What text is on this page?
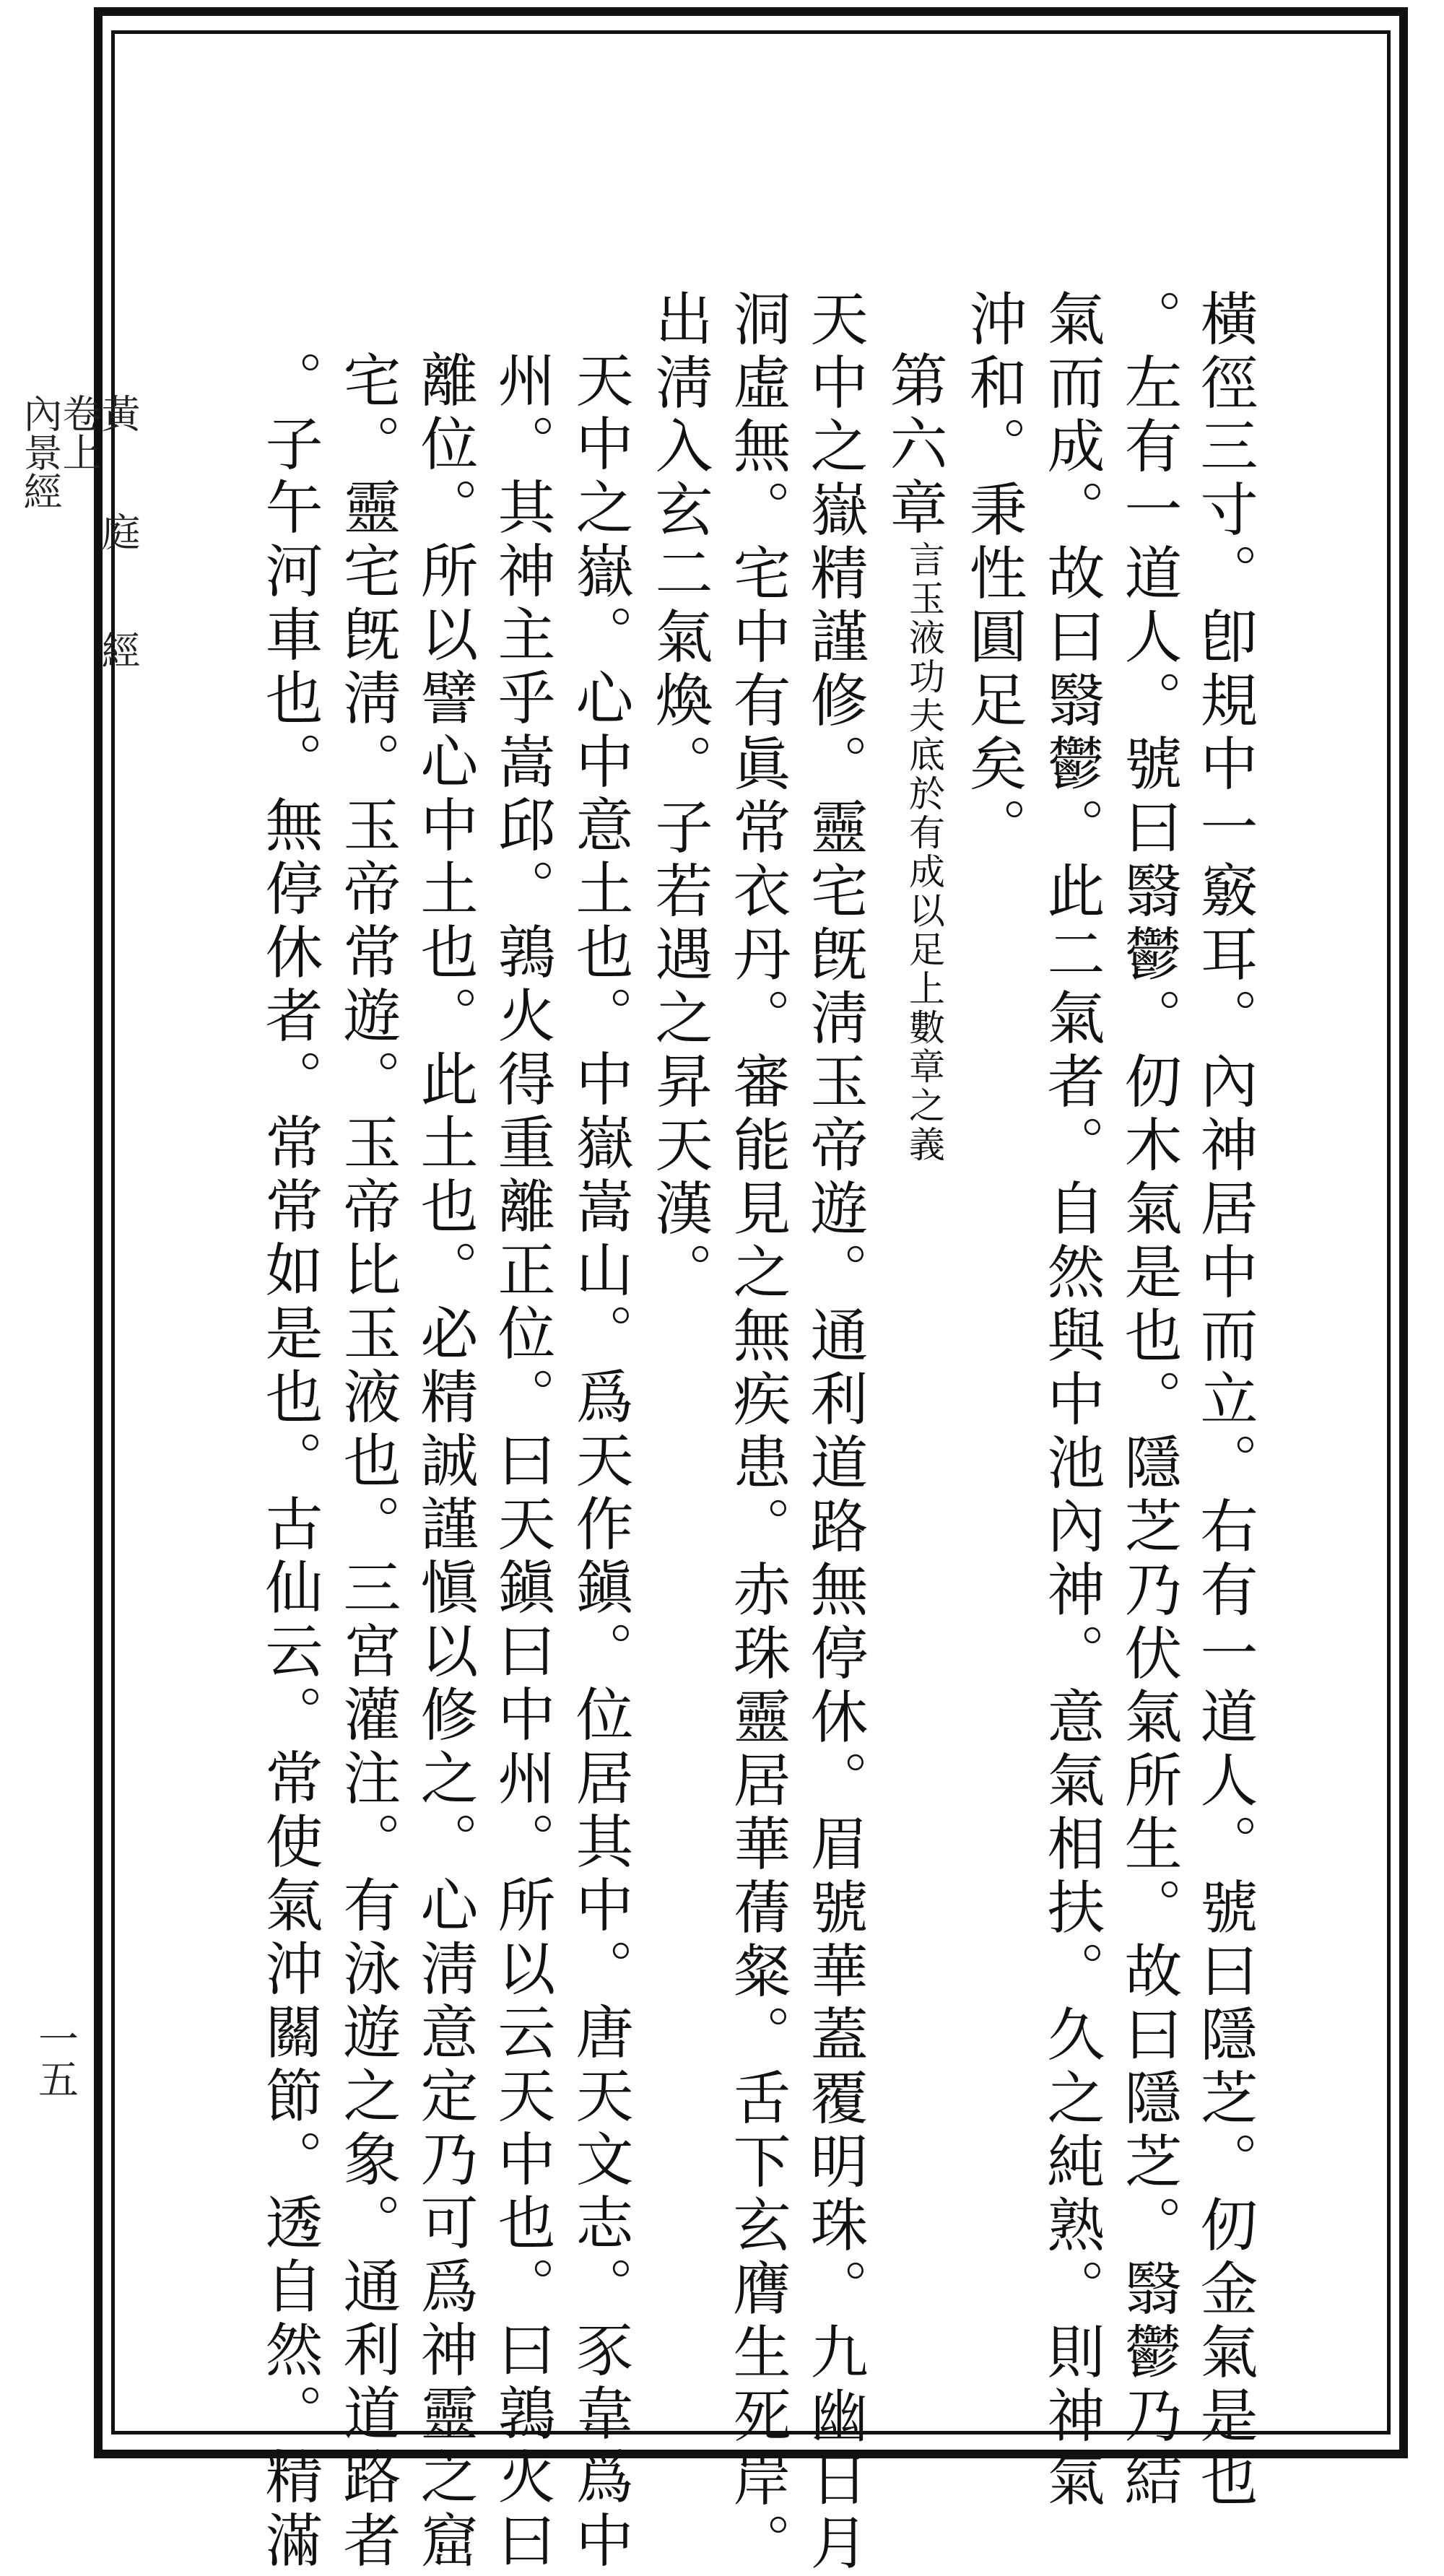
黃　庭　經
卷上
內景經
一五	橫徑三寸。卽規中一竅耳。內神居中而立。右有一道人。號曰隱芝。仞金氣是也
。左有一道人。號曰翳鬱。仞木氣是也。隱芝乃伏氣所生。故曰隱芝。翳鬱乃結
氣而成。故曰翳鬱。此二氣者。自然與中池內神。意氣相扶。久之純熟。則神氣
沖和。秉性圓足矣。
第六章
言玉液功夫底於有成以足上數章之義
天中之嶽精謹修。靈宅旣淸玉帝遊。通利道路無停休。眉號華蓋覆明珠。九幽日月
洞虛無。宅中有眞常衣丹。審能見之無疾患。赤珠靈居華蒨粲。舌下玄膺生死岸。
出淸入玄二氣煥。子若遇之昇天漢。
天中之嶽。心中意土也。中嶽嵩山。爲天作鎭。位居其中。唐天文志。豕韋爲中
州。其神主乎嵩邱。鶉火得重離正位。曰天鎭曰中州。所以云天中也。曰鶉火曰
離位。所以譬心中土也。此土也。必精誠謹愼以修之。心淸意定乃可爲神靈之窟
宅。靈宅旣淸。玉帝常遊。玉帝比玉液也。三宮灌注。有泳遊之象。通利道路者
。子午河車也。無停休者。常常如是也。古仙云。常使氣沖關節。透自然。精滿
